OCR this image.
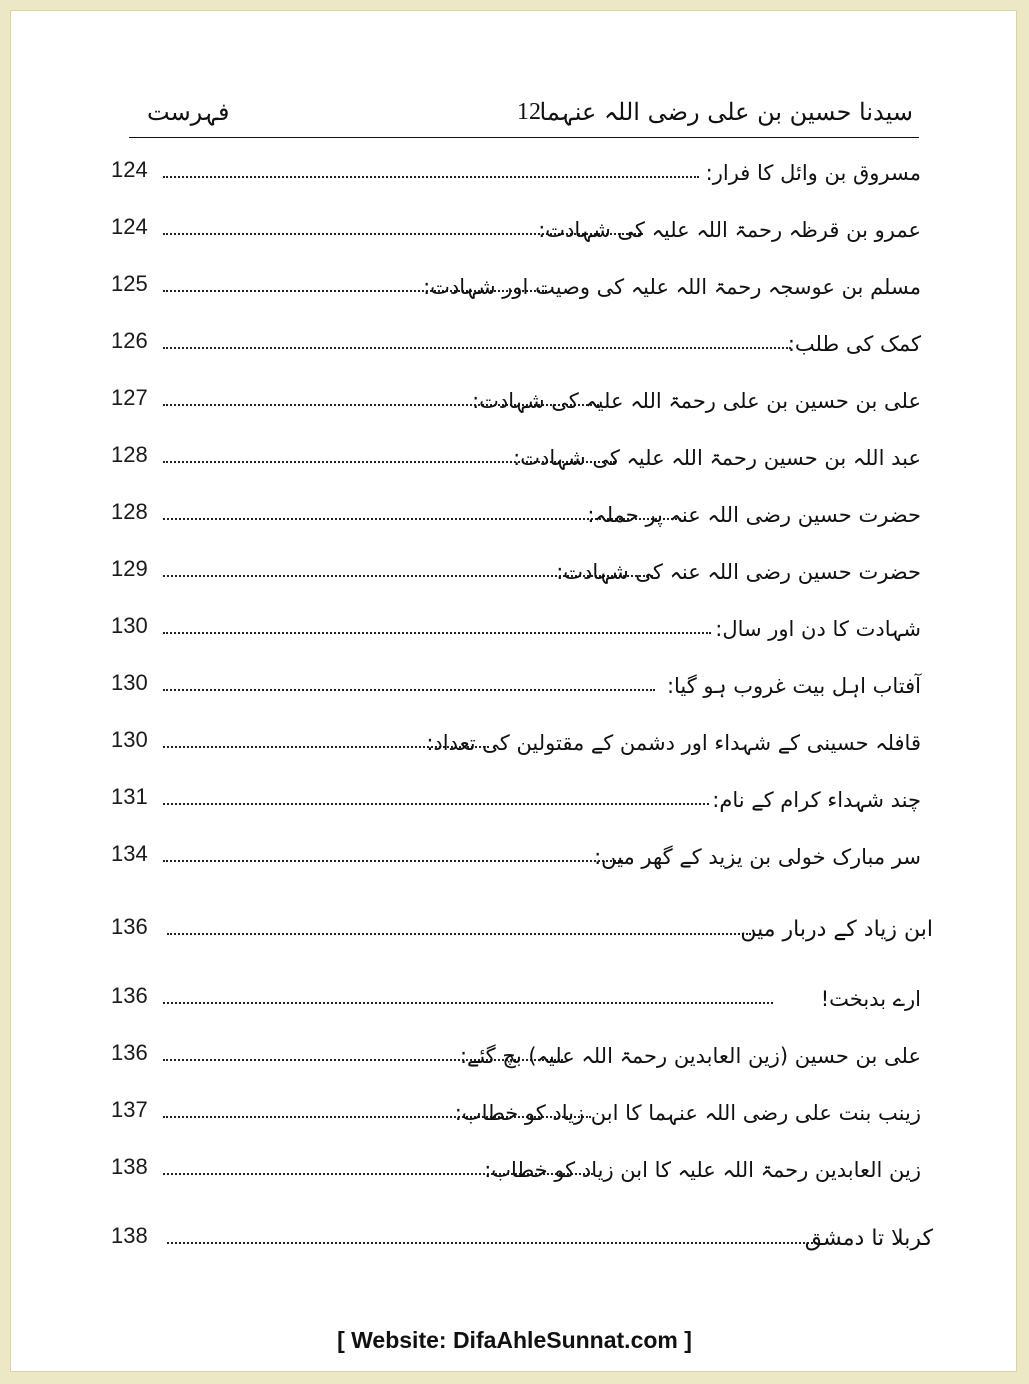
فہرست	12
سیدنا حسین بن علی رضی اللہ عنہما
124	مسروق بن وائل کا فرار:
124	عمرو بن قرظہ رحمۃ اللہ علیہ کی شہادت:
125	مسلم بن عوسجہ رحمۃ اللہ علیہ کی وصیت اور شہادت:
126	کمک کی طلب:
127	علی بن حسین بن علی رحمۃ اللہ علیہ کی شہادت:
128	عبد اللہ بن حسین رحمۃ اللہ علیہ کی شہادت:
128	حضرت حسین رضی اللہ عنہ پر حملہ:
129	حضرت حسین رضی اللہ عنہ کی شہادت:
130	شہادت کا دن اور سال:
130	آفتاب اہل بیت غروب ہو گیا:
130	قافلہ حسینی کے شہداء اور دشمن کے مقتولین کی تعداد:
131	چند شہداء کرام کے نام:
134	سر مبارک خولی بن یزید کے گھر میں:
136	ابن زیاد کے دربار میں
136	ارے بدبخت!
136	علی بن حسین (زین العابدین رحمۃ اللہ علیہ) بچ گئے:
137	زینب بنت علی رضی اللہ عنہما کا ابن زیاد کو خطاب:
138	زین العابدین رحمۃ اللہ علیہ کا ابن زیاد کو خطاب:
138	کربلا تا دمشق
[ Website: DifaAhleSunnat.com ]
